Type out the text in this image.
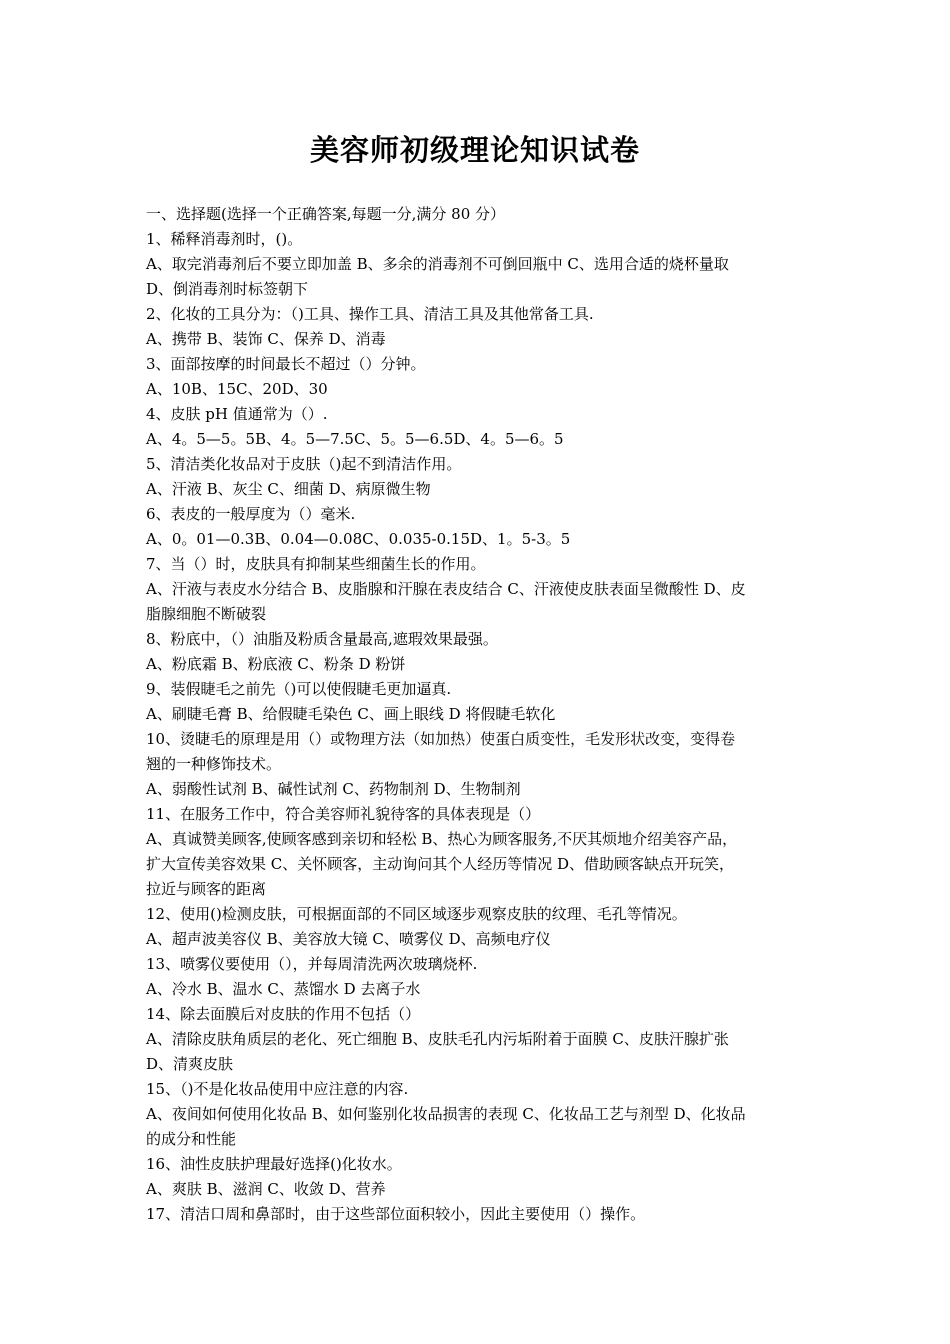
美容师初级理论知识试卷
一、选择题(选择一个正确答案,每题一分,满分 80 分）
1、稀释消毒剂时，()。
A、取完消毒剂后不要立即加盖 B、多余的消毒剂不可倒回瓶中 C、选用合适的烧杯量取
D、倒消毒剂时标签朝下
2、化妆的工具分为：（)工具、操作工具、清洁工具及其他常备工具.
A、携带 B、装饰 C、保养 D、消毒
3、面部按摩的时间最长不超过（）分钟。
A、10B、15C、20D、30
4、皮肤 pH 值通常为（）.
A、4。5—5。5B、4。5—7.5C、5。5—6.5D、4。5—6。5
5、清洁类化妆品对于皮肤（)起不到清洁作用。
A、汗液 B、灰尘 C、细菌 D、病原微生物
6、表皮的一般厚度为（）毫米.
A、0。01—0.3B、0.04—0.08C、0.035-0.15D、1。5-3。5
7、当（）时，皮肤具有抑制某些细菌生长的作用。
A、汗液与表皮水分结合 B、皮脂腺和汗腺在表皮结合 C、汗液使皮肤表面呈微酸性 D、皮
脂腺细胞不断破裂
8、粉底中，（）油脂及粉质含量最高,遮瑕效果最强。
A、粉底霜 B、粉底液 C、粉条 D 粉饼
9、装假睫毛之前先（)可以使假睫毛更加逼真.
A、刷睫毛膏 B、给假睫毛染色 C、画上眼线 D 将假睫毛软化
10、烫睫毛的原理是用（）或物理方法（如加热）使蛋白质变性，毛发形状改变，变得卷
翘的一种修饰技术。
A、弱酸性试剂 B、碱性试剂 C、药物制剂 D、生物制剂
11、在服务工作中，符合美容师礼貌待客的具体表现是（）
A、真诚赞美顾客,使顾客感到亲切和轻松 B、热心为顾客服务,不厌其烦地介绍美容产品，
扩大宣传美容效果 C、关怀顾客，主动询问其个人经历等情况 D、借助顾客缺点开玩笑，
拉近与顾客的距离
12、使用()检测皮肤，可根据面部的不同区域逐步观察皮肤的纹理、毛孔等情况。
A、超声波美容仪 B、美容放大镜 C、喷雾仪 D、高频电疗仪
13、喷雾仪要使用（），并每周清洗两次玻璃烧杯.
A、冷水 B、温水 C、蒸馏水 D 去离子水
14、除去面膜后对皮肤的作用不包括（）
A、清除皮肤角质层的老化、死亡细胞 B、皮肤毛孔内污垢附着于面膜 C、皮肤汗腺扩张
D、清爽皮肤
15、（)不是化妆品使用中应注意的内容.
A、夜间如何使用化妆品 B、如何鉴别化妆品损害的表现 C、化妆品工艺与剂型 D、化妆品
的成分和性能
16、油性皮肤护理最好选择()化妆水。
A、爽肤 B、滋润 C、收敛 D、营养
17、清洁口周和鼻部时，由于这些部位面积较小，因此主要使用（）操作。
